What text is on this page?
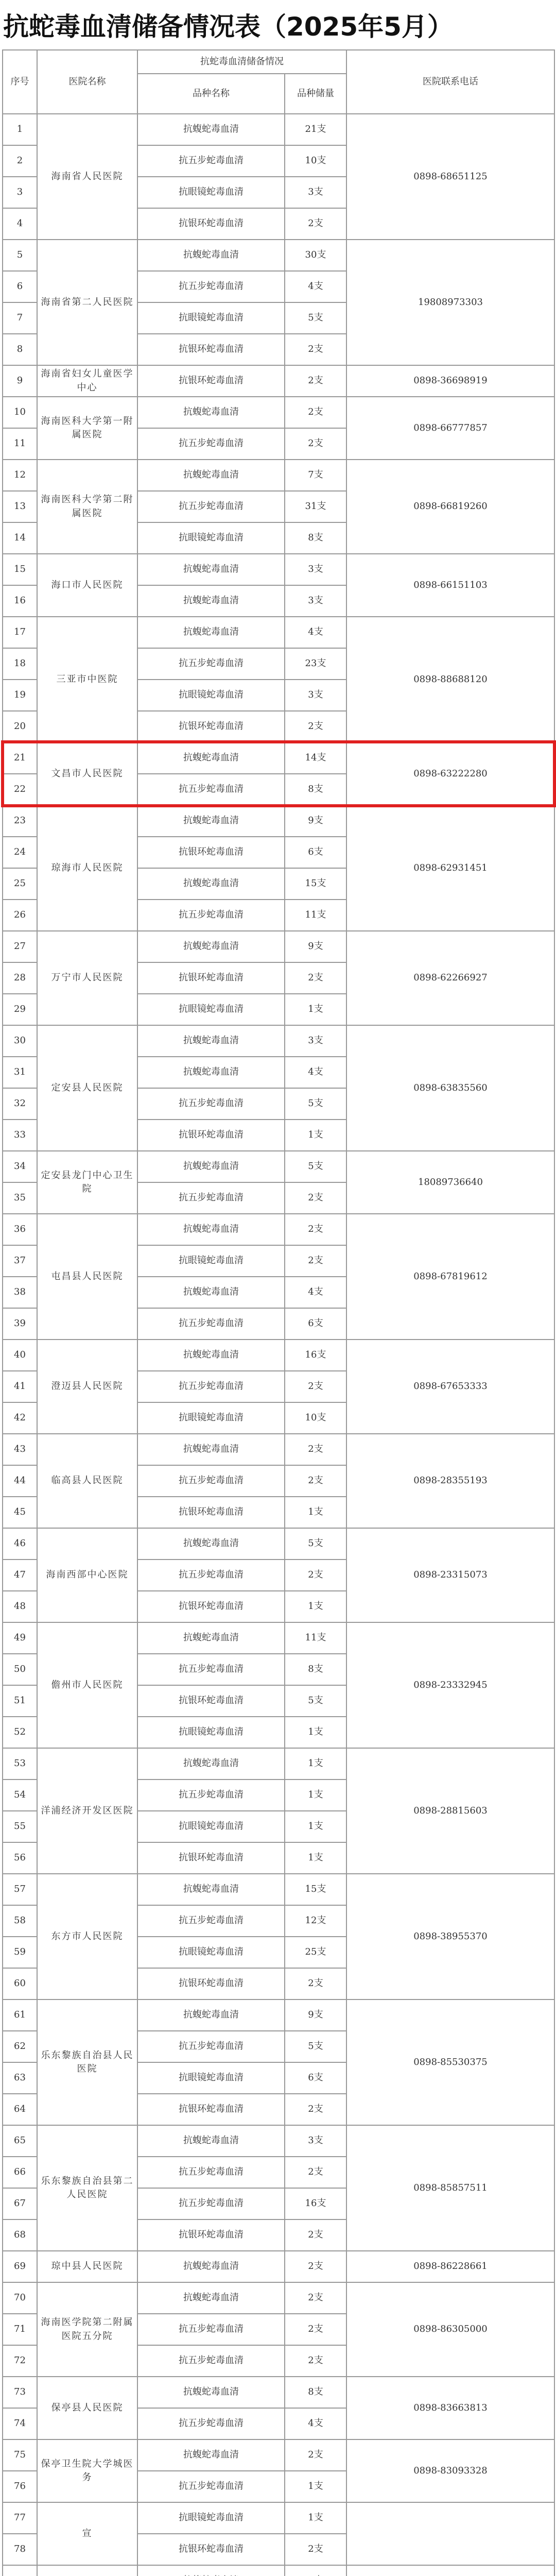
抗蛇毒血清储备情况表（2025年5月）
序号	医院名称	抗蛇毒血清储备情况		医院联系电话
		品种名称	品种储量	
1	海南省人民医院	抗蝮蛇毒血清	21支	0898-68651125
2		抗五步蛇毒血清	10支	
3		抗眼镜蛇毒血清	3支	
4		抗银环蛇毒血清	2支	
5	海南省第二人民医院	抗蝮蛇毒血清	30支	19808973303
6		抗五步蛇毒血清	4支	
7		抗眼镜蛇毒血清	5支	
8		抗银环蛇毒血清	2支	
9	海南省妇女儿童医学中心	抗银环蛇毒血清	2支	0898-36698919
10	海南医科大学第一附属医院	抗蝮蛇毒血清	2支	0898-66777857
11		抗五步蛇毒血清	2支	
12	海南医科大学第二附属医院	抗蝮蛇毒血清	7支	0898-66819260
13		抗五步蛇毒血清	31支	
14		抗眼镜蛇毒血清	8支	
15	海口市人民医院	抗蝮蛇毒血清	3支	0898-66151103
16		抗蝮蛇毒血清	3支	
17	三亚市中医院	抗蝮蛇毒血清	4支	0898-88688120
18		抗五步蛇毒血清	23支	
19		抗眼镜蛇毒血清	3支	
20		抗银环蛇毒血清	2支	
21	文昌市人民医院	抗蝮蛇毒血清	14支	0898-63222280
22		抗五步蛇毒血清	8支	
23	琼海市人民医院	抗蝮蛇毒血清	9支	0898-62931451
24		抗银环蛇毒血清	6支	
25		抗蝮蛇毒血清	15支	
26		抗五步蛇毒血清	11支	
27	万宁市人民医院	抗蝮蛇毒血清	9支	0898-62266927
28		抗银环蛇毒血清	2支	
29		抗眼镜蛇毒血清	1支	
30	定安县人民医院	抗蝮蛇毒血清	3支	0898-63835560
31		抗蝮蛇毒血清	4支	
32		抗五步蛇毒血清	5支	
33		抗银环蛇毒血清	1支	
34	定安县龙门中心卫生院	抗蝮蛇毒血清	5支	18089736640
35		抗五步蛇毒血清	2支	
36	屯昌县人民医院	抗蝮蛇毒血清	2支	0898-67819612
37		抗眼镜蛇毒血清	2支	
38		抗蝮蛇毒血清	4支	
39		抗五步蛇毒血清	6支	
40	澄迈县人民医院	抗蝮蛇毒血清	16支	0898-67653333
41		抗五步蛇毒血清	2支	
42		抗眼镜蛇毒血清	10支	
43	临高县人民医院	抗蝮蛇毒血清	2支	0898-28355193
44		抗五步蛇毒血清	2支	
45		抗银环蛇毒血清	1支	
46	海南西部中心医院	抗蝮蛇毒血清	5支	0898-23315073
47		抗五步蛇毒血清	2支	
48		抗银环蛇毒血清	1支	
49	儋州市人民医院	抗蝮蛇毒血清	11支	0898-23332945
50		抗五步蛇毒血清	8支	
51		抗银环蛇毒血清	5支	
52		抗眼镜蛇毒血清	1支	
53	洋浦经济开发区医院	抗蝮蛇毒血清	1支	0898-28815603
54		抗五步蛇毒血清	1支	
55		抗眼镜蛇毒血清	1支	
56		抗银环蛇毒血清	1支	
57	东方市人民医院	抗蝮蛇毒血清	15支	0898-38955370
58		抗五步蛇毒血清	12支	
59		抗眼镜蛇毒血清	25支	
60		抗银环蛇毒血清	2支	
61	乐东黎族自治县人民医院	抗蝮蛇毒血清	9支	0898-85530375
62		抗五步蛇毒血清	5支	
63		抗眼镜蛇毒血清	6支	
64		抗银环蛇毒血清	2支	
65	乐东黎族自治县第二人民医院	抗蝮蛇毒血清	3支	0898-85857511
66		抗五步蛇毒血清	2支	
67		抗五步蛇毒血清	16支	
68		抗银环蛇毒血清	2支	
69	琼中县人民医院	抗蝮蛇毒血清	2支	0898-86228661
70	海南医学院第二附属医院五分院	抗蝮蛇毒血清	2支	0898-86305000
71		抗五步蛇毒血清	2支	
72		抗五步蛇毒血清	2支	
73	保亭县人民医院	抗蝮蛇毒血清	8支	0898-83663813
74		抗五步蛇毒血清	4支	
75	保亭卫生院大学城医务	抗蝮蛇毒血清	2支	0898-83093328
76		抗五步蛇毒血清	1支	
77	宣	抗眼镜蛇毒血清	1支	
78		抗银环蛇毒血清	2支	
